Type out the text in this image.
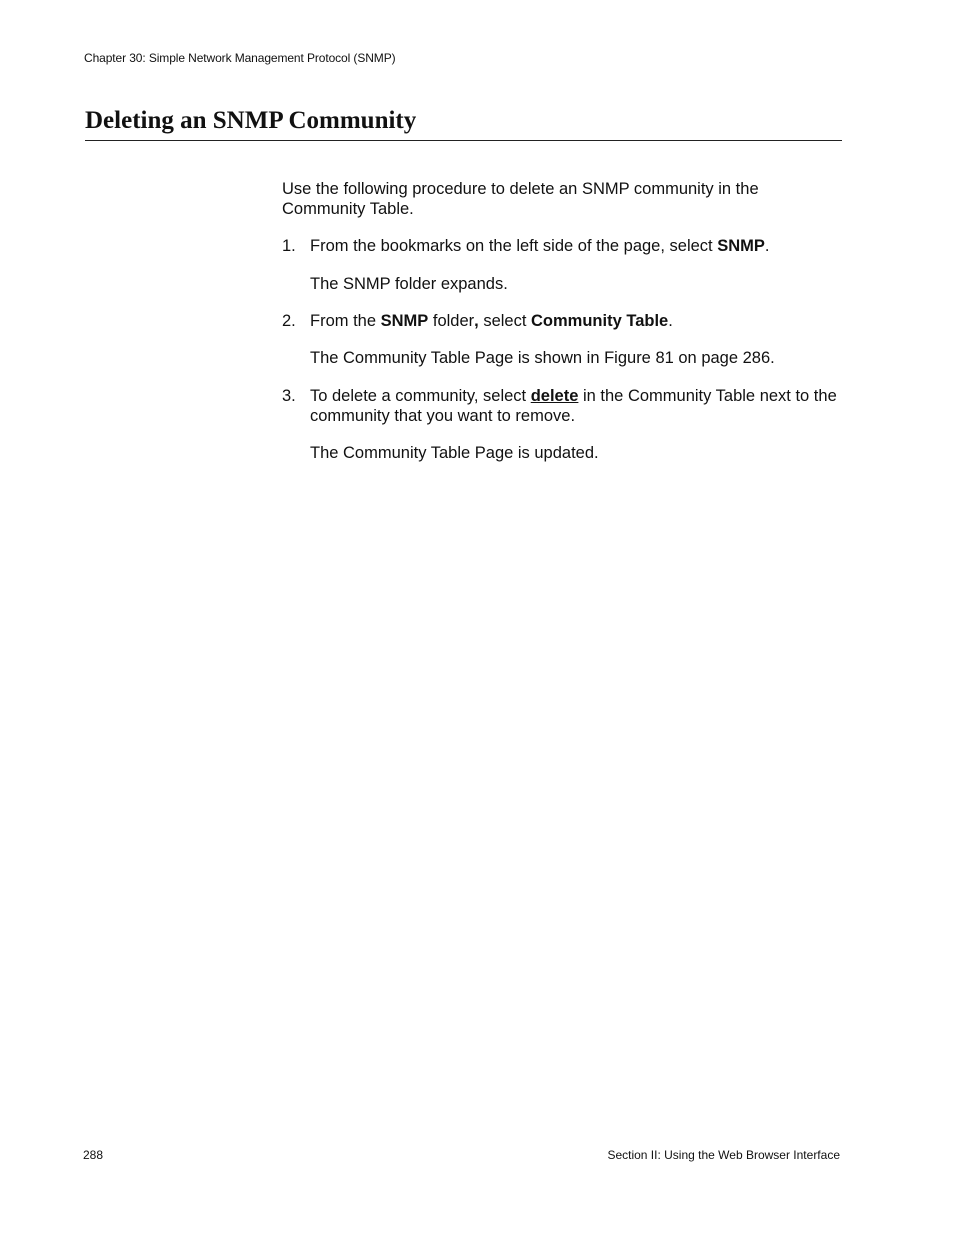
Chapter 30: Simple Network Management Protocol (SNMP)
Deleting an SNMP Community

Use the following procedure to delete an SNMP community in the Community Table.

1. From the bookmarks on the left side of the page, select SNMP.

The SNMP folder expands.

2. From the SNMP folder, select Community Table.

The Community Table Page is shown in Figure 81 on page 286.

3. To delete a community, select delete in the Community Table next to the community that you want to remove.

The Community Table Page is updated.

288	Section II: Using the Web Browser Interface
